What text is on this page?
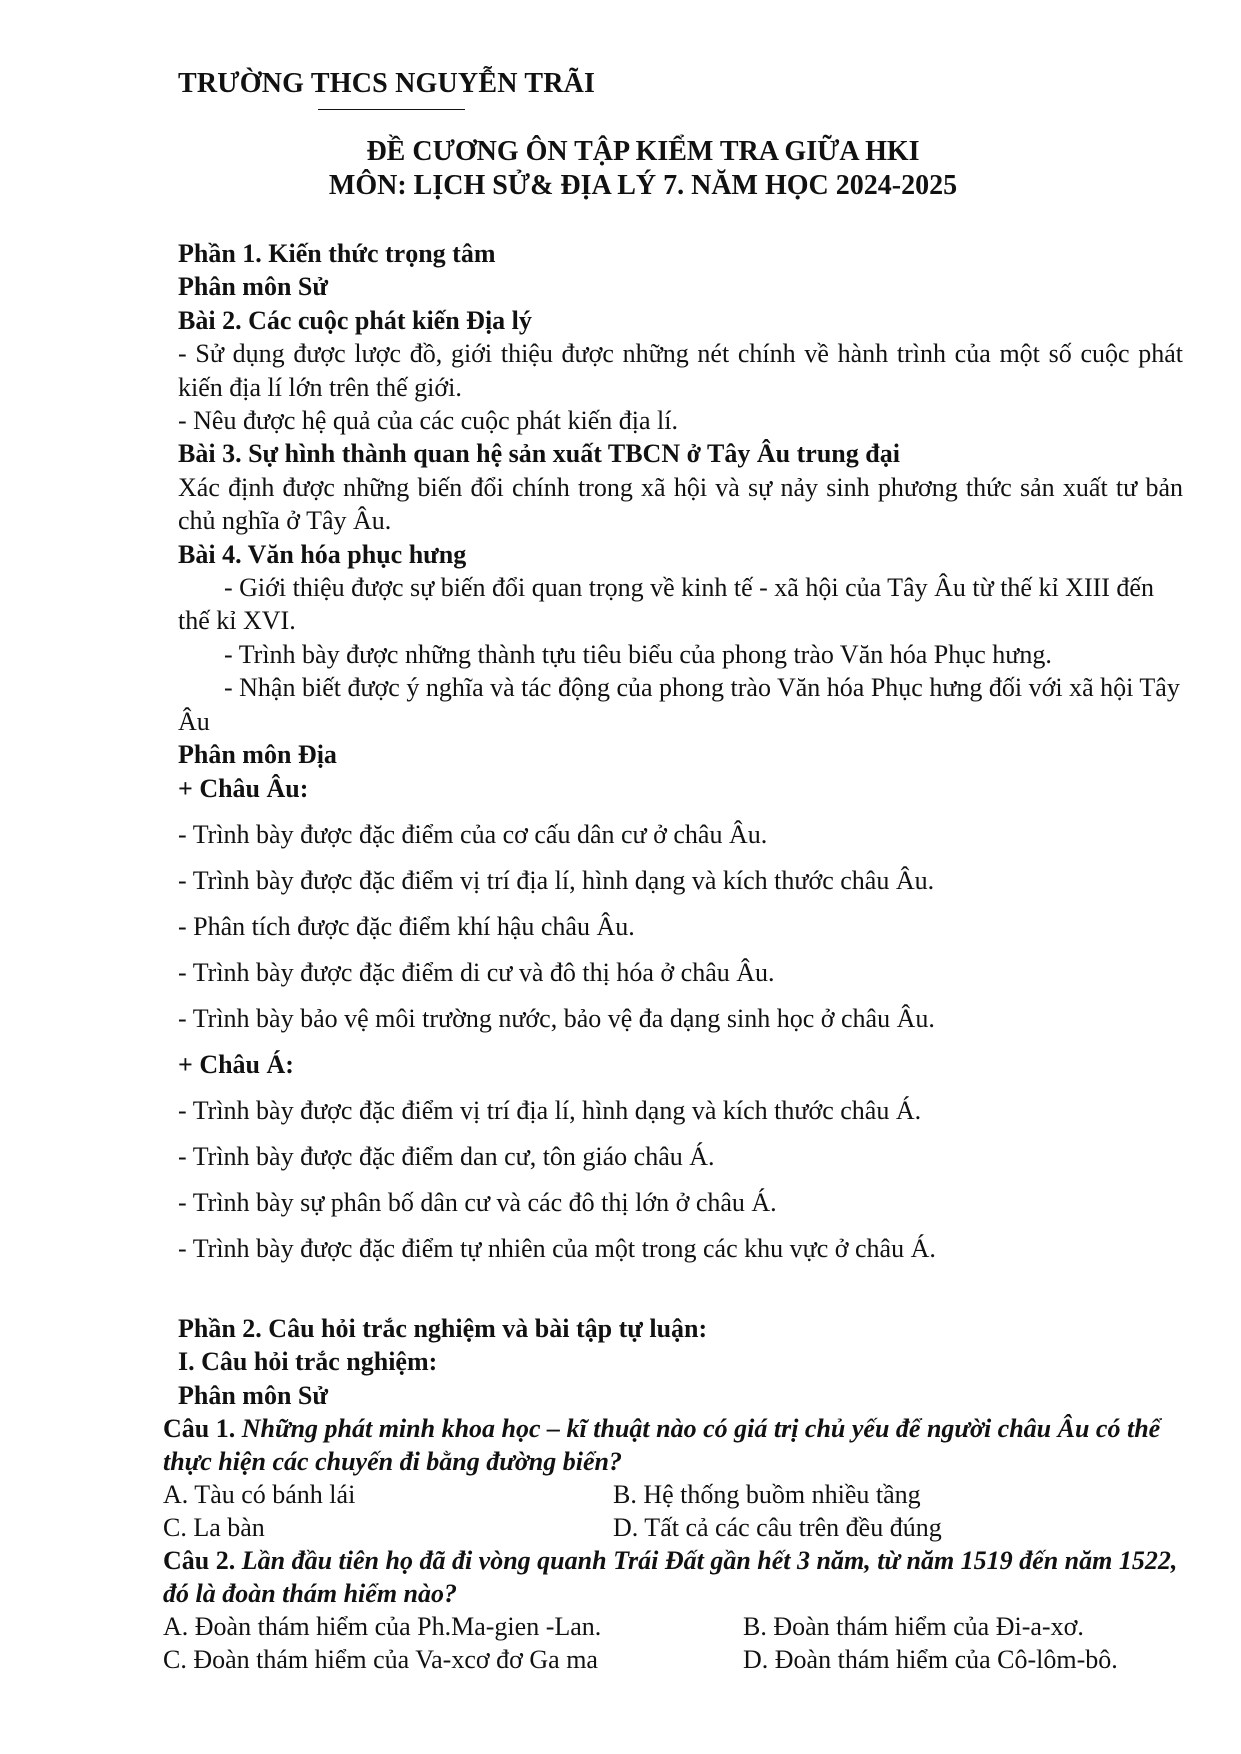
TRƯỜNG THCS NGUYỄN TRÃI
ĐỀ CƯƠNG ÔN TẬP KIỂM TRA GIỮA HKI
MÔN: LỊCH SỬ& ĐỊA LÝ 7. NĂM HỌC 2024-2025
Phần 1. Kiến thức trọng tâm
Phân môn Sử
Bài 2. Các cuộc phát kiến Địa lý
- Sử dụng được lược đồ, giới thiệu được những nét chính về hành trình của một số cuộc phát kiến địa lí lớn trên thế giới.
- Nêu được hệ quả của các cuộc phát kiến địa lí.
Bài 3. Sự hình thành quan hệ sản xuất TBCN ở Tây Âu trung đại
Xác định được những biến đổi chính trong xã hội và sự nảy sinh phương thức sản xuất tư bản chủ nghĩa ở Tây Âu.
Bài 4. Văn hóa phục hưng
- Giới thiệu được sự biến đổi quan trọng về kinh tế - xã hội của Tây Âu từ thế kỉ XIII đến thế kỉ XVI.
- Trình bày được những thành tựu tiêu biểu của phong trào Văn hóa Phục hưng.
- Nhận biết được ý nghĩa và tác động của phong trào Văn hóa Phục hưng đối với xã hội Tây Âu
Phân môn Địa
+ Châu Âu:
- Trình bày được đặc điểm của cơ cấu dân cư ở châu Âu.
- Trình bày được đặc điểm vị trí địa lí, hình dạng và kích thước châu Âu.
- Phân tích được đặc điểm khí hậu châu Âu.
- Trình bày được đặc điểm di cư và đô thị hóa ở châu Âu.
- Trình bày bảo vệ môi trường nước, bảo vệ đa dạng sinh học ở châu Âu.
+ Châu Á:
- Trình bày được đặc điểm vị trí địa lí, hình dạng và kích thước châu Á.
- Trình bày được đặc điểm dan cư, tôn giáo châu Á.
- Trình bày sự phân bố dân cư và các đô thị lớn ở châu Á.
- Trình bày được đặc điểm tự nhiên của một trong các khu vực ở châu Á.
Phần 2. Câu hỏi trắc nghiệm và bài tập tự luận:
I. Câu hỏi trắc nghiệm:
Phân môn Sử
Câu 1. Những phát minh khoa học – kĩ thuật nào có giá trị chủ yếu để người châu Âu có thể thực hiện các chuyến đi bằng đường biển?
A. Tàu có bánh lái	B. Hệ thống buồm nhiều tầng
C. La bàn	D. Tất cả các câu trên đều đúng
Câu 2. Lần đầu tiên họ đã đi vòng quanh Trái Đất gần hết 3 năm, từ năm 1519 đến năm 1522, đó là đoàn thám hiểm nào?
A. Đoàn thám hiểm của Ph.Ma-gien -Lan.	B. Đoàn thám hiểm của Đi-a-xơ.
C. Đoàn thám hiểm của Va-xcơ đơ Ga ma	D. Đoàn thám hiểm của Cô-lôm-bô.
